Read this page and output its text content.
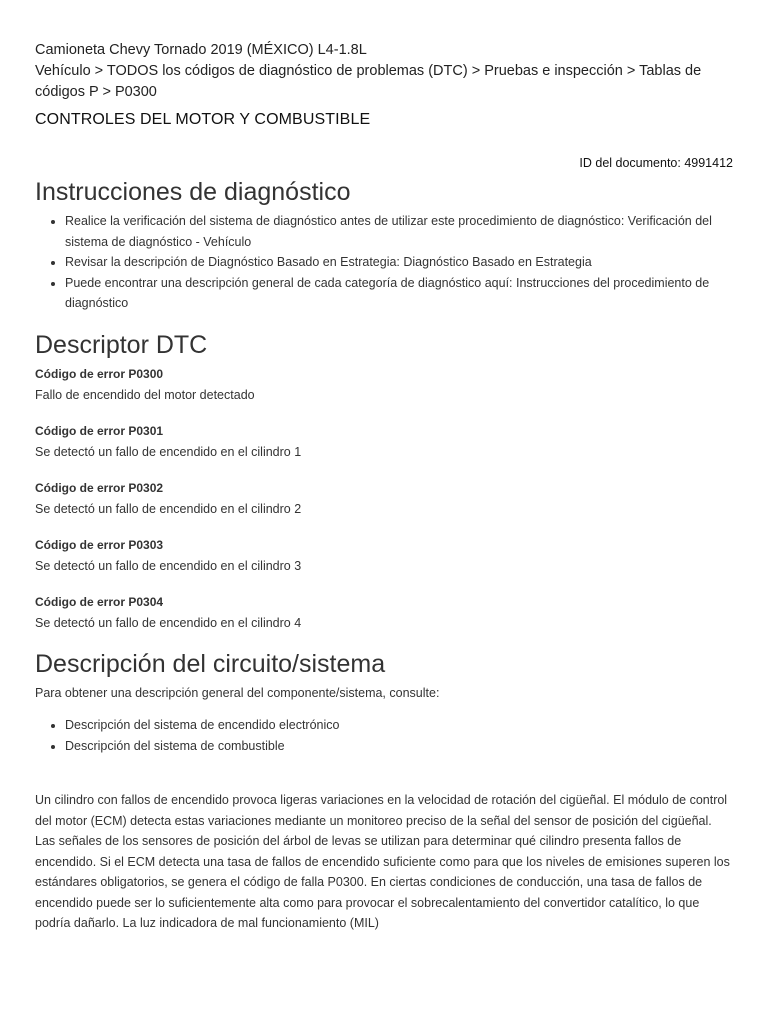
Camioneta Chevy Tornado 2019 (MÉXICO) L4-1.8L
Vehículo > TODOS los códigos de diagnóstico de problemas (DTC) > Pruebas e inspección > Tablas de códigos P > P0300
CONTROLES DEL MOTOR Y COMBUSTIBLE
ID del documento: 4991412
Instrucciones de diagnóstico
• Realice la verificación del sistema de diagnóstico antes de utilizar este procedimiento de diagnóstico: Verificación del sistema de diagnóstico - Vehículo
• Revisar la descripción de Diagnóstico Basado en Estrategia: Diagnóstico Basado en Estrategia
• Puede encontrar una descripción general de cada categoría de diagnóstico aquí: Instrucciones del procedimiento de diagnóstico
Descriptor DTC
Código de error P0300
Fallo de encendido del motor detectado
Código de error P0301
Se detectó un fallo de encendido en el cilindro 1
Código de error P0302
Se detectó un fallo de encendido en el cilindro 2
Código de error P0303
Se detectó un fallo de encendido en el cilindro 3
Código de error P0304
Se detectó un fallo de encendido en el cilindro 4
Descripción del circuito/sistema

Para obtener una descripción general del componente/sistema, consulte:

• Descripción del sistema de encendido electrónico
• Descripción del sistema de combustible

Un cilindro con fallos de encendido provoca ligeras variaciones en la velocidad de rotación del cigüeñal. El módulo de control del motor (ECM) detecta estas variaciones mediante un monitoreo preciso de la señal del sensor de posición del cigüeñal. Las señales de los sensores de posición del árbol de levas se utilizan para determinar qué cilindro presenta fallos de encendido. Si el ECM detecta una tasa de fallos de encendido suficiente como para que los niveles de emisiones superen los estándares obligatorios, se genera el código de falla P0300. En ciertas condiciones de conducción, una tasa de fallos de encendido puede ser lo suficientemente alta como para provocar el sobrecalentamiento del convertidor catalítico, lo que podría dañarlo. La luz indicadora de mal funcionamiento (MIL)
